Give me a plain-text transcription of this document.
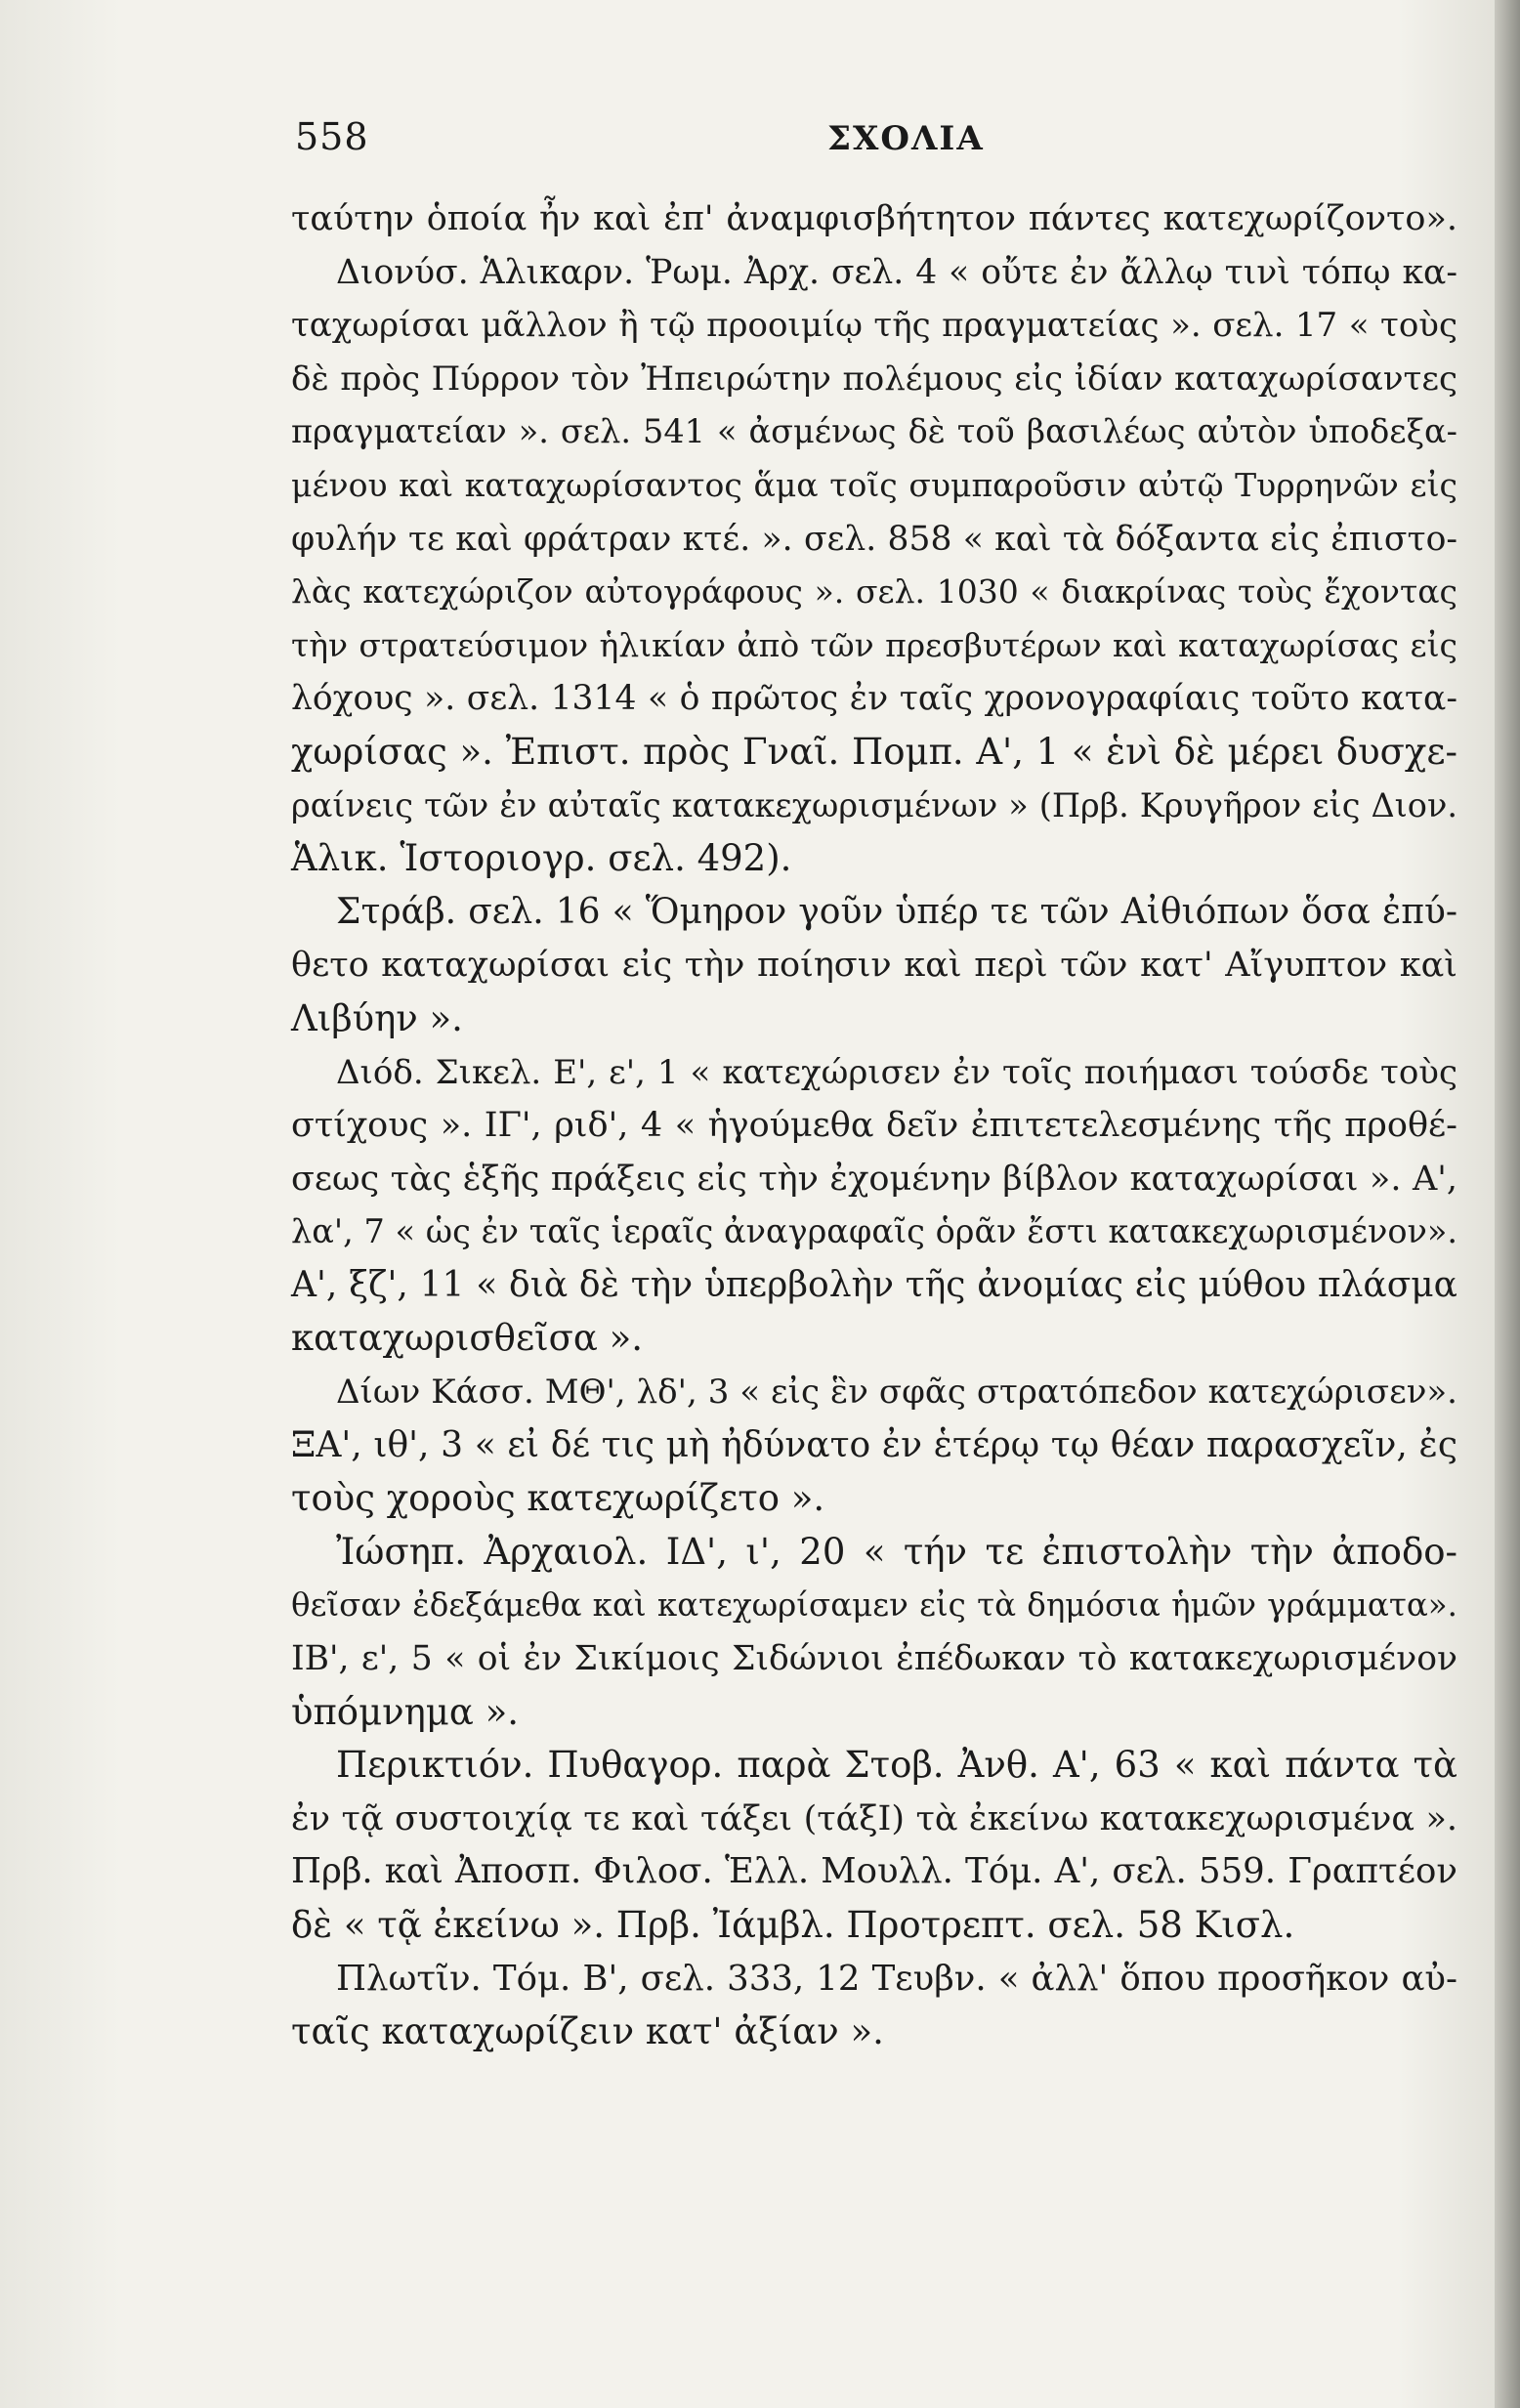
558	ΣΧΟΛΙΑ
ταύτην ὁποία ἦν καὶ ἐπ' ἀναμφισβήτητον πάντες κατεχωρίζοντο».
Διονύσ. Ἁλικαρν. Ῥωμ. Ἀρχ. σελ. 4 « οὔτε ἐν ἄλλῳ τινὶ τόπῳ κα-
ταχωρίσαι μᾶλλον ἢ τῷ προοιμίῳ τῆς πραγματείας ». σελ. 17 « τοὺς
δὲ πρὸς Πύρρον τὸν Ἠπειρώτην πολέμους εἰς ἰδίαν καταχωρίσαντες
πραγματείαν ». σελ. 541 « ἀσμένως δὲ τοῦ βασιλέως αὐτὸν ὑποδεξα-
μένου καὶ καταχωρίσαντος ἅμα τοῖς συμπαροῦσιν αὐτῷ Τυρρηνῶν εἰς
φυλήν τε καὶ φράτραν κτέ. ». σελ. 858 « καὶ τὰ δόξαντα εἰς ἐπιστο-
λὰς κατεχώριζον αὐτογράφους ». σελ. 1030 « διακρίνας τοὺς ἔχοντας
τὴν στρατεύσιμον ἡλικίαν ἀπὸ τῶν πρεσβυτέρων καὶ καταχωρίσας εἰς
λόχους ». σελ. 1314 « ὁ πρῶτος ἐν ταῖς χρονογραφίαις τοῦτο κατα-
χωρίσας ». Ἐπιστ. πρὸς Γναῖ. Πομπ. Α', 1 « ἑνὶ δὲ μέρει δυσχε-
ραίνεις τῶν ἐν αὐταῖς κατακεχωρισμένων » (Πρβ. Κρυγῆρον εἰς Διον.
Ἁλικ. Ἱστοριογρ. σελ. 492).
Στράβ. σελ. 16 « Ὅμηρον γοῦν ὑπέρ τε τῶν Αἰθιόπων ὅσα ἐπύ-
θετο καταχωρίσαι εἰς τὴν ποίησιν καὶ περὶ τῶν κατ' Αἴγυπτον καὶ
Λιβύην ».
Διόδ. Σικελ. Ε', ε', 1 « κατεχώρισεν ἐν τοῖς ποιήμασι τούσδε τοὺς
στίχους ». ΙΓ', ριδ', 4 « ἡγούμεθα δεῖν ἐπιτετελεσμένης τῆς προθέ-
σεως τὰς ἑξῆς πράξεις εἰς τὴν ἐχομένην βίβλον καταχωρίσαι ». Α',
λα', 7 « ὡς ἐν ταῖς ἱεραῖς ἀναγραφαῖς ὁρᾶν ἔστι κατακεχωρισμένον».
Α', ξζ', 11 « διὰ δὲ τὴν ὑπερβολὴν τῆς ἀνομίας εἰς μύθου πλάσμα
καταχωρισθεῖσα ».
Δίων Κάσσ. ΜΘ', λδ', 3 « εἰς ἓν σφᾶς στρατόπεδον κατεχώρισεν».
ΞΑ', ιθ', 3 « εἰ δέ τις μὴ ἠδύνατο ἐν ἑτέρῳ τῳ θέαν παρασχεῖν, ἐς
τοὺς χοροὺς κατεχωρίζετο ».
Ἰώσηπ. Ἀρχαιολ. ΙΔ', ι', 20 « τήν τε ἐπιστολὴν τὴν ἀποδο-
θεῖσαν ἐδεξάμεθα καὶ κατεχωρίσαμεν εἰς τὰ δημόσια ἡμῶν γράμματα».
ΙΒ', ε', 5 « οἱ ἐν Σικίμοις Σιδώνιοι ἐπέδωκαν τὸ κατακεχωρισμένον
ὑπόμνημα ».
Περικτιόν. Πυθαγορ. παρὰ Στοβ. Ἀνθ. Α', 63 « καὶ πάντα τὰ
ἐν τᾷ συστοιχίᾳ τε καὶ τάξει (τάξΙ) τὰ ἐκείνω κατακεχωρισμένα ».
Πρβ. καὶ Ἀποσπ. Φιλοσ. Ἑλλ. Μουλλ. Τόμ. Α', σελ. 559. Γραπτέον
δὲ « τᾷ ἐκείνω ». Πρβ. Ἰάμβλ. Προτρεπτ. σελ. 58 Κισλ.
Πλωτῖν. Τόμ. Β', σελ. 333, 12 Τευβν. « ἀλλ' ὅπου προσῆκον αὐ-
ταῖς καταχωρίζειν κατ' ἀξίαν ».
